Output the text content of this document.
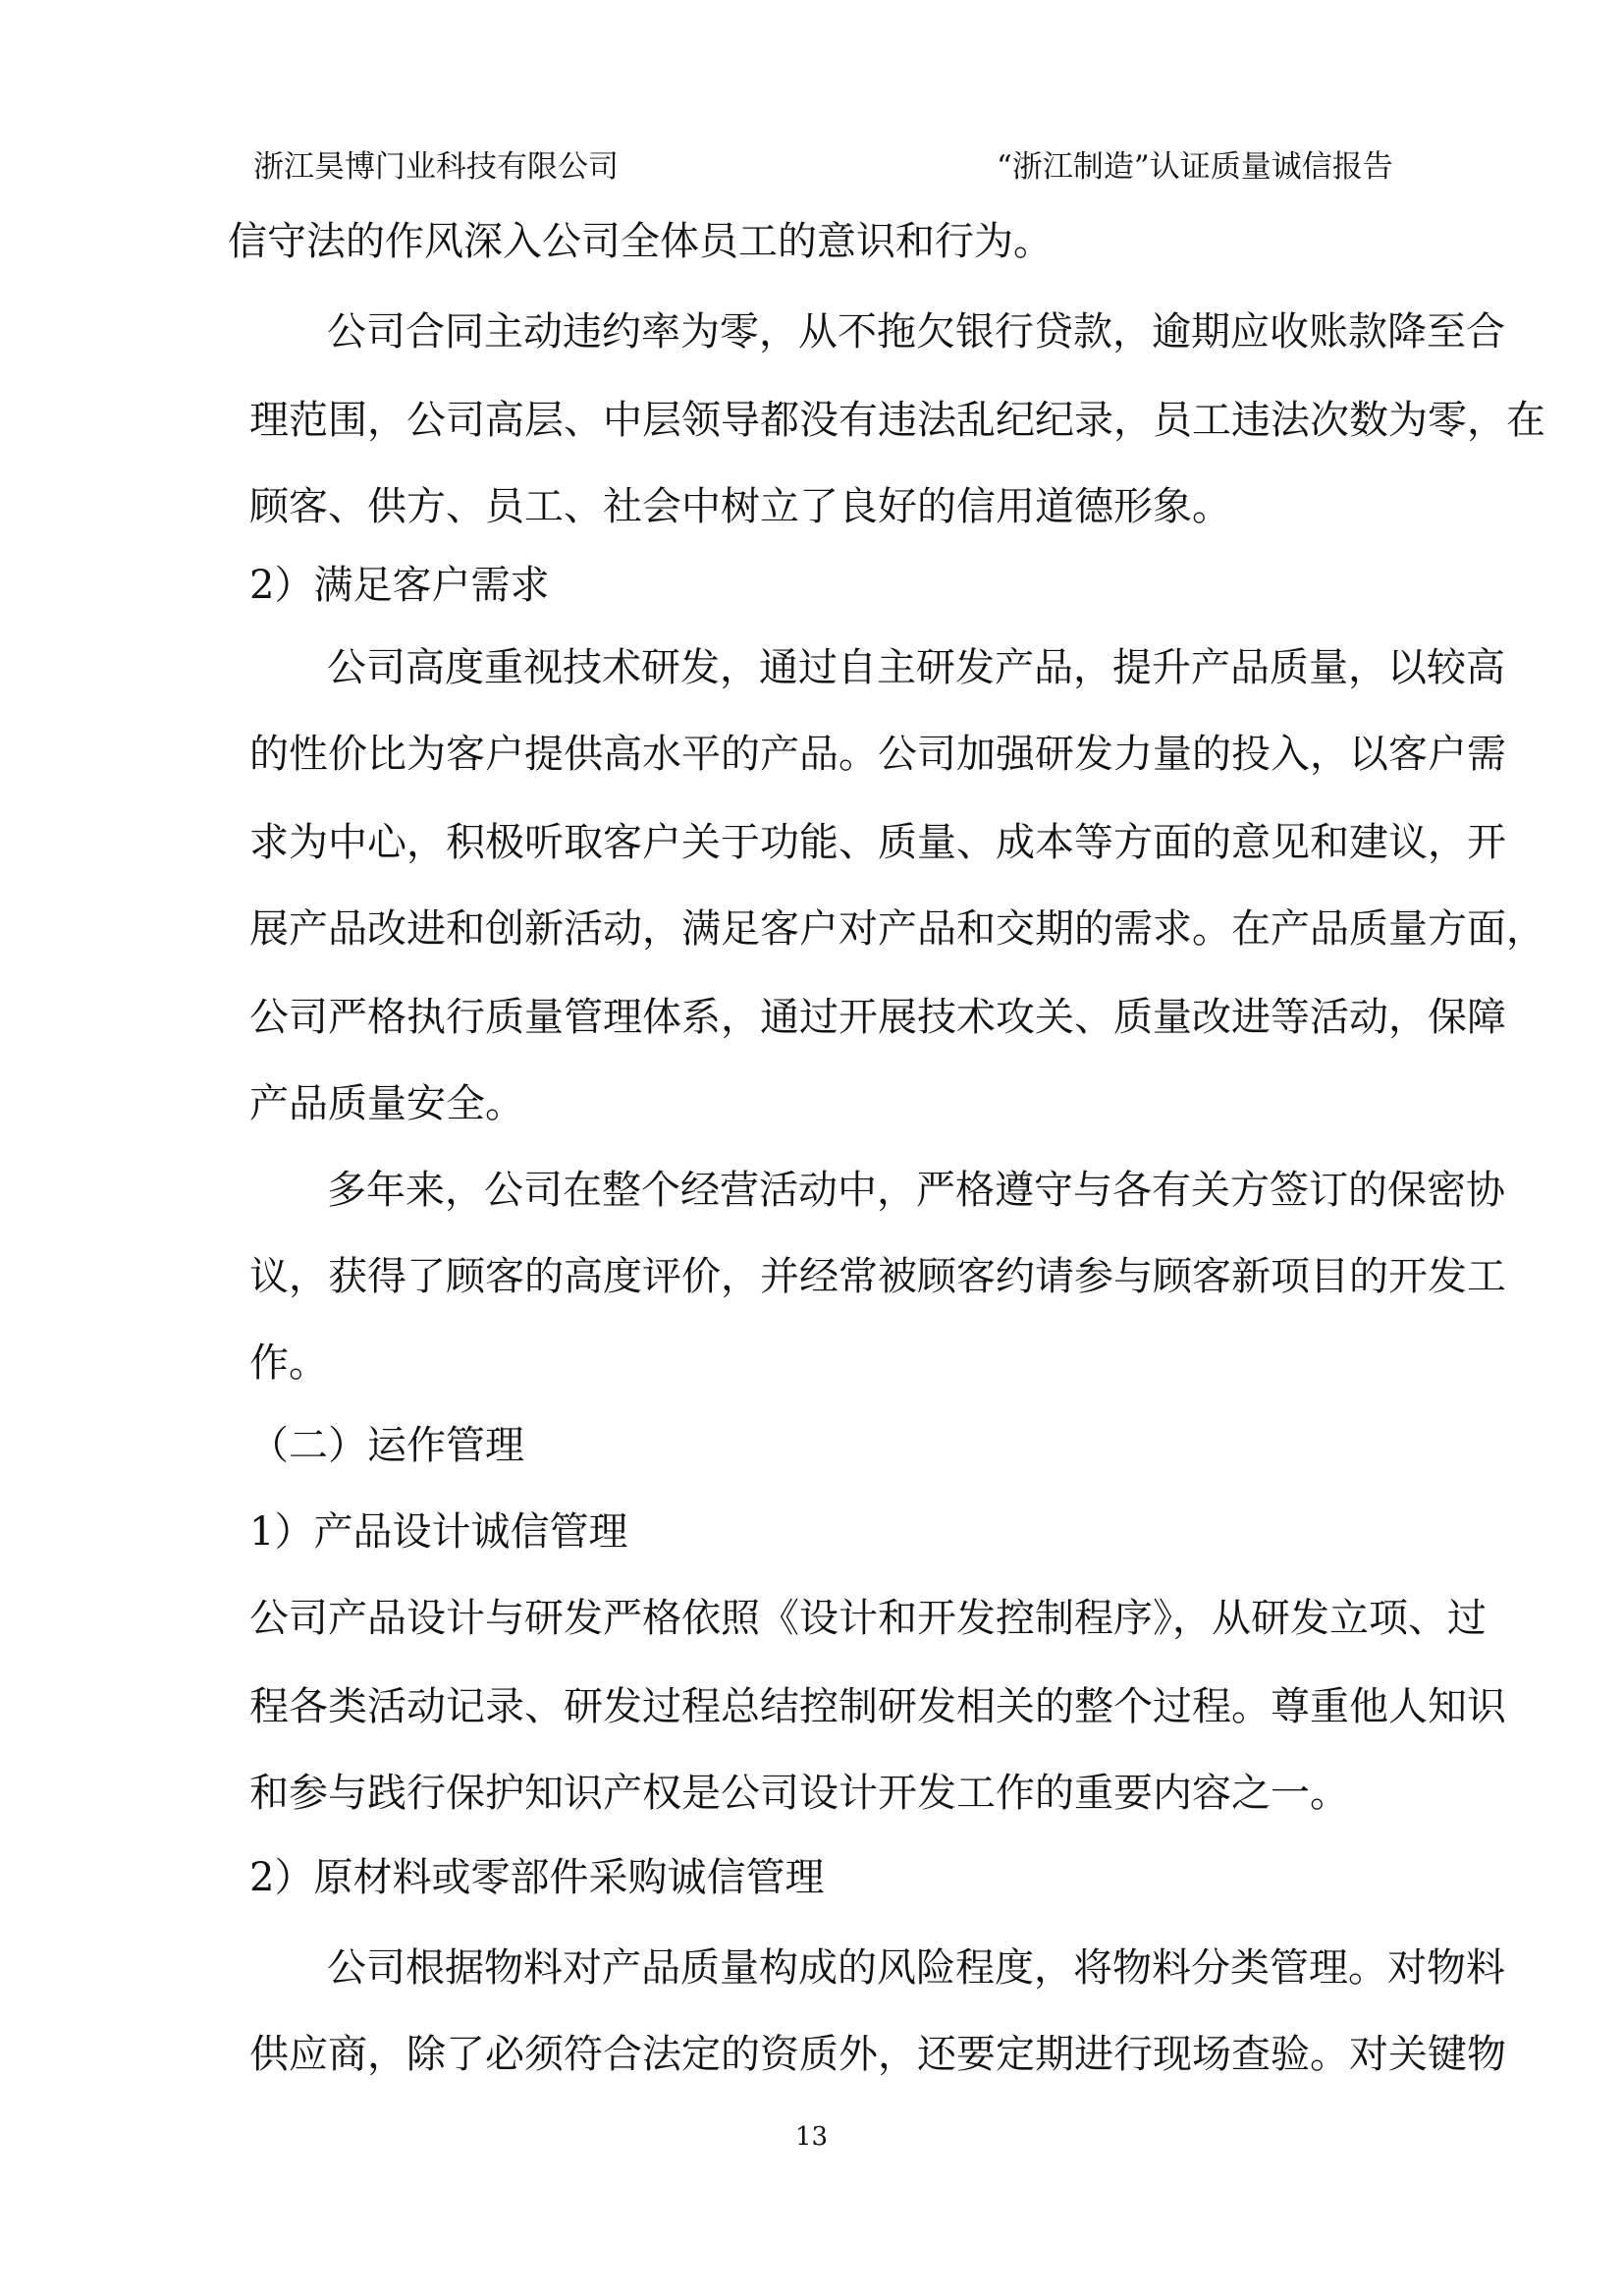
浙江昊博门业科技有限公司	“浙江制造”认证质量诚信报告
信守法的作风深入公司全体员工的意识和行为。
公司合同主动违约率为零，从不拖欠银行贷款，逾期应收账款降至合
理范围，公司高层、中层领导都没有违法乱纪纪录，员工违法次数为零，在
顾客、供方、员工、社会中树立了良好的信用道德形象。
2）满足客户需求
公司高度重视技术研发，通过自主研发产品，提升产品质量，以较高
的性价比为客户提供高水平的产品。公司加强研发力量的投入，以客户需
求为中心，积极听取客户关于功能、质量、成本等方面的意见和建议，开
展产品改进和创新活动，满足客户对产品和交期的需求。在产品质量方面，
公司严格执行质量管理体系，通过开展技术攻关、质量改进等活动，保障
产品质量安全。
多年来，公司在整个经营活动中，严格遵守与各有关方签订的保密协
议，获得了顾客的高度评价，并经常被顾客约请参与顾客新项目的开发工
作。
（二）运作管理
1）产品设计诚信管理
公司产品设计与研发严格依照《设计和开发控制程序》，从研发立项、过
程各类活动记录、研发过程总结控制研发相关的整个过程。尊重他人知识
和参与践行保护知识产权是公司设计开发工作的重要内容之一。
2）原材料或零部件采购诚信管理
公司根据物料对产品质量构成的风险程度，将物料分类管理。对物料
供应商，除了必须符合法定的资质外，还要定期进行现场查验。对关键物
13
